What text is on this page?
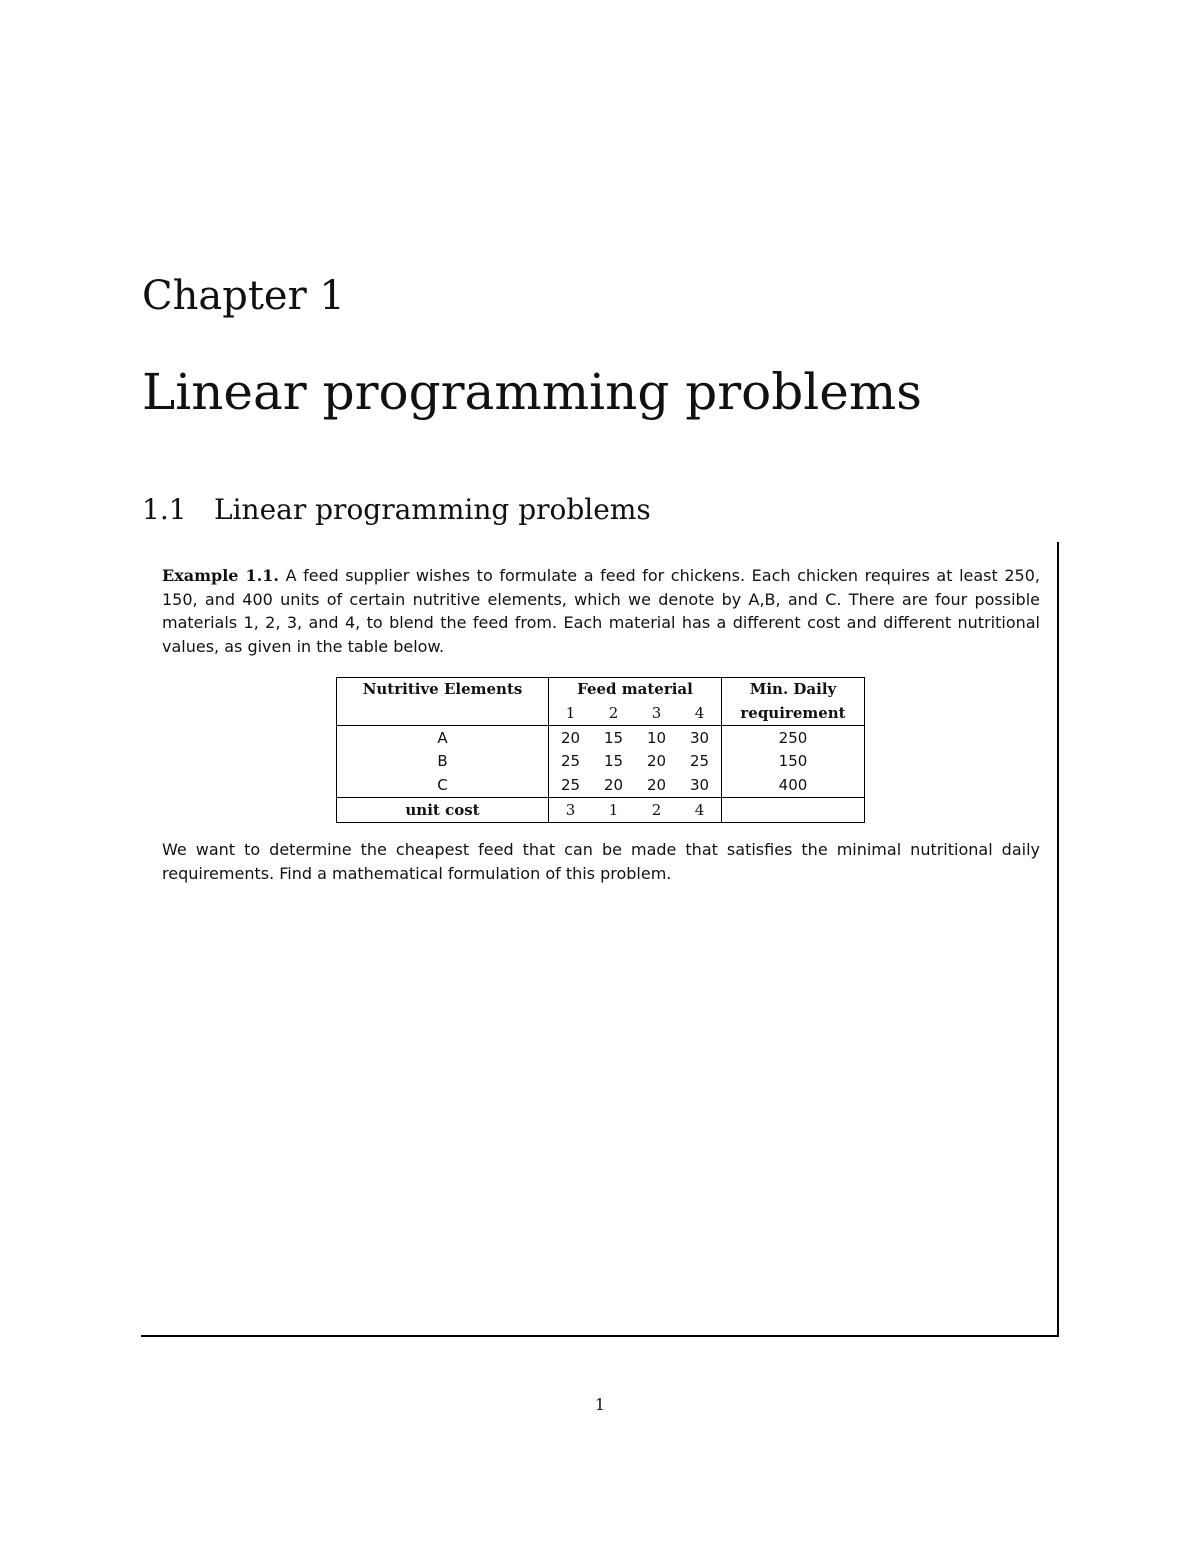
Chapter 1
Linear programming problems
1.1 Linear programming problems
Example 1.1. A feed supplier wishes to formulate a feed for chickens. Each chicken requires at least 250, 150, and 400 units of certain nutritive elements, which we denote by A,B, and C. There are four possible materials 1, 2, 3, and 4, to blend the feed from. Each material has a different cost and different nutritional values, as given in the table below.
Nutritive Elements	Feed material				Min. Daily
	1	2	3	4	requirement
A	20	15	10	30	250
B	25	15	20	25	150
C	25	20	20	30	400
unit cost	3	1	2	4	
We want to determine the cheapest feed that can be made that satisfies the minimal nutritional daily requirements. Find a mathematical formulation of this problem.
1
